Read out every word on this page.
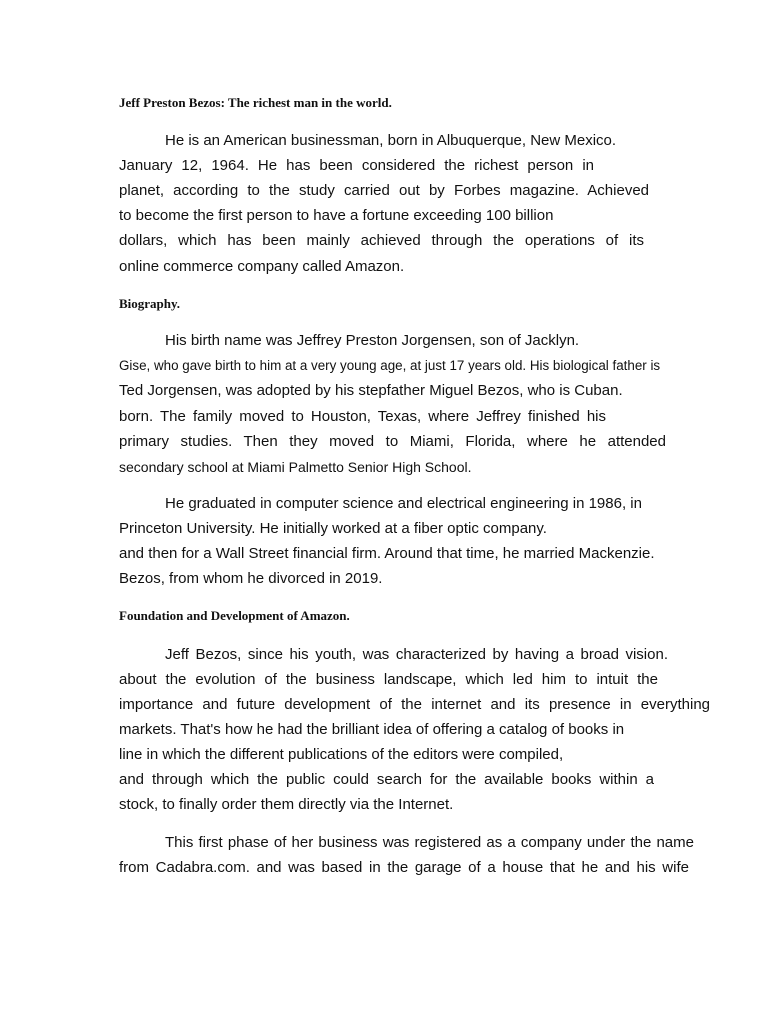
Jeff Preston Bezos: The richest man in the world.

He is an American businessman, born in Albuquerque, New Mexico.

January 12, 1964. He has been considered the richest person in

planet, according to the study carried out by Forbes magazine. Achieved

to become the first person to have a fortune exceeding 100 billion

dollars, which has been mainly achieved through the operations of its

online commerce company called Amazon.

Biography.

His birth name was Jeffrey Preston Jorgensen, son of Jacklyn.

Gise, who gave birth to him at a very young age, at just 17 years old. His biological father is

Ted Jorgensen, was adopted by his stepfather Miguel Bezos, who is Cuban.

born. The family moved to Houston, Texas, where Jeffrey finished his

primary studies. Then they moved to Miami, Florida, where he attended

secondary school at Miami Palmetto Senior High School.

He graduated in computer science and electrical engineering in 1986, in

Princeton University. He initially worked at a fiber optic company.

and then for a Wall Street financial firm. Around that time, he married Mackenzie.

Bezos, from whom he divorced in 2019.

Foundation and Development of Amazon.

Jeff Bezos, since his youth, was characterized by having a broad vision.

about the evolution of the business landscape, which led him to intuit the

importance and future development of the internet and its presence in everything

markets. That's how he had the brilliant idea of offering a catalog of books in

line in which the different publications of the editors were compiled,

and through which the public could search for the available books within a

stock, to finally order them directly via the Internet.

This first phase of her business was registered as a company under the name

from Cadabra.com. and was based in the garage of a house that he and his wife
